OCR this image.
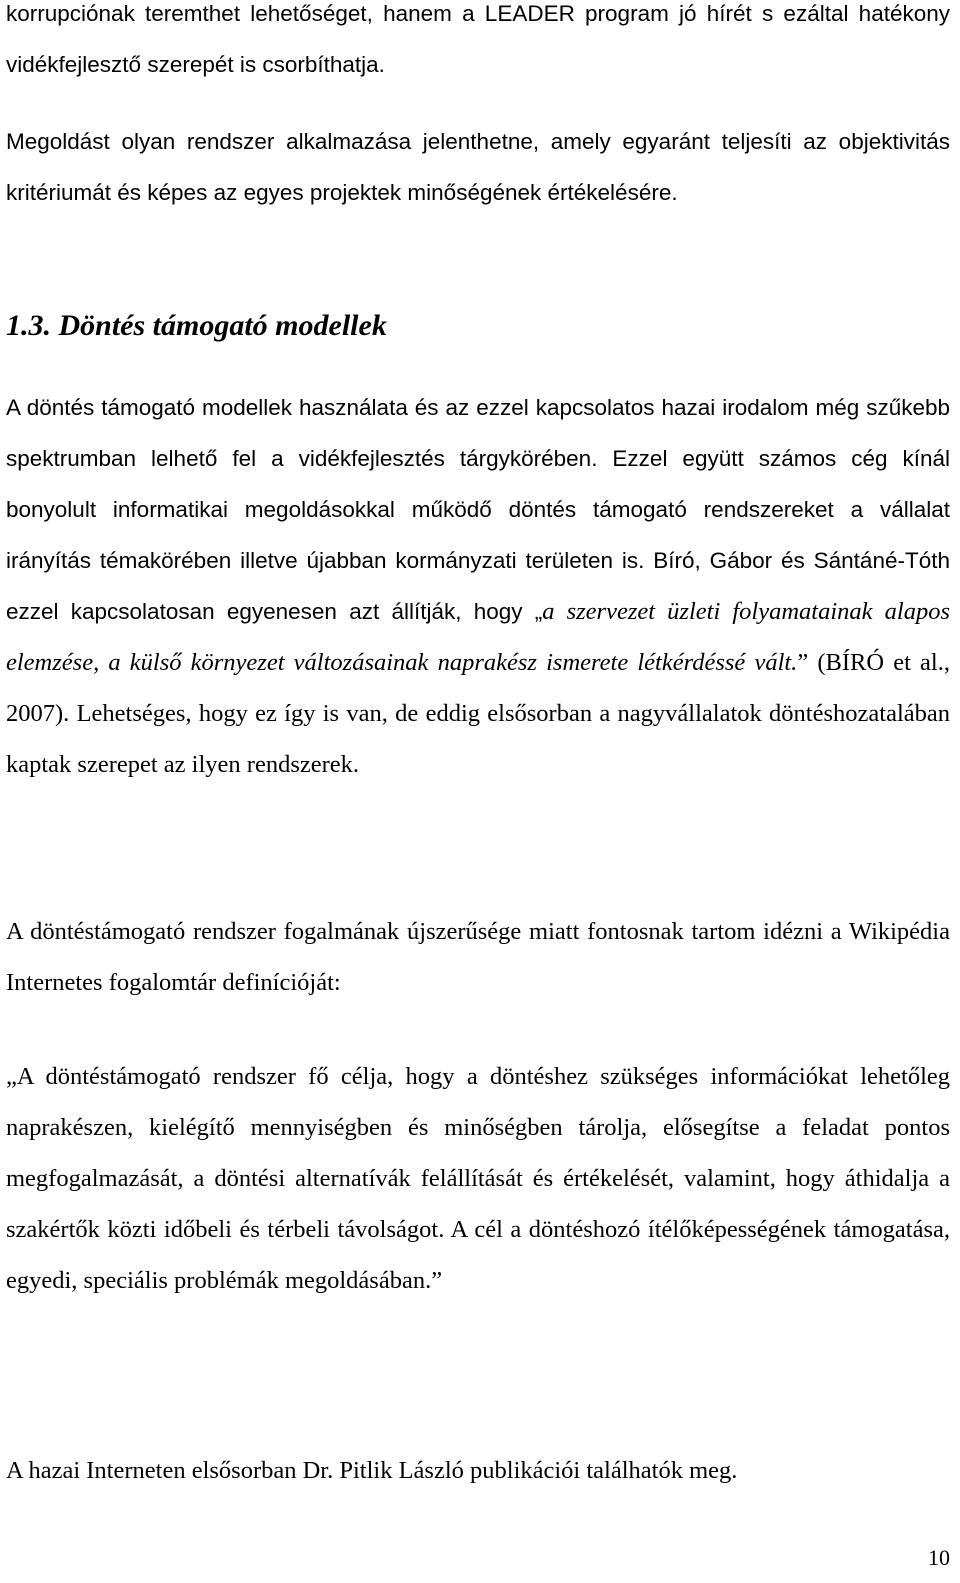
korrupciónak teremthet lehetőséget, hanem a LEADER program jó hírét s ezáltal hatékony vidékfejlesztő szerepét is csorbíthatja.

Megoldást olyan rendszer alkalmazása jelenthetne, amely egyaránt teljesíti az objektivitás kritériumát és képes az egyes projektek minőségének értékelésére.

1.3. Döntés támogató modellek

A döntés támogató modellek használata és az ezzel kapcsolatos hazai irodalom még szűkebb spektrumban lelhető fel a vidékfejlesztés tárgykörében. Ezzel együtt számos cég kínál bonyolult informatikai megoldásokkal működő döntés támogató rendszereket a vállalat irányítás témakörében illetve újabban kormányzati területen is. Bíró, Gábor és Sántáné-Tóth ezzel kapcsolatosan egyenesen azt állítják, hogy „a szervezet üzleti folyamatainak alapos elemzése, a külső környezet változásainak naprakész ismerete létkérdéssé vált.” (BÍRÓ et al., 2007). Lehetséges, hogy ez így is van, de eddig elsősorban a nagyvállalatok döntéshozatalában kaptak szerepet az ilyen rendszerek.

A döntéstámogató rendszer fogalmának újszerűsége miatt fontosnak tartom idézni a Wikipédia Internetes fogalomtár definícióját:

„A döntéstámogató rendszer fő célja, hogy a döntéshez szükséges információkat lehetőleg naprakészen, kielégítő mennyiségben és minőségben tárolja, elősegítse a feladat pontos megfogalmazását, a döntési alternatívák felállítását és értékelését, valamint, hogy áthidalja a szakértők közti időbeli és térbeli távolságot. A cél a döntéshozó ítélőképességének támogatása, egyedi, speciális problémák megoldásában.”

A hazai Interneten elsősorban Dr. Pitlik László publikációi találhatók meg.

10
